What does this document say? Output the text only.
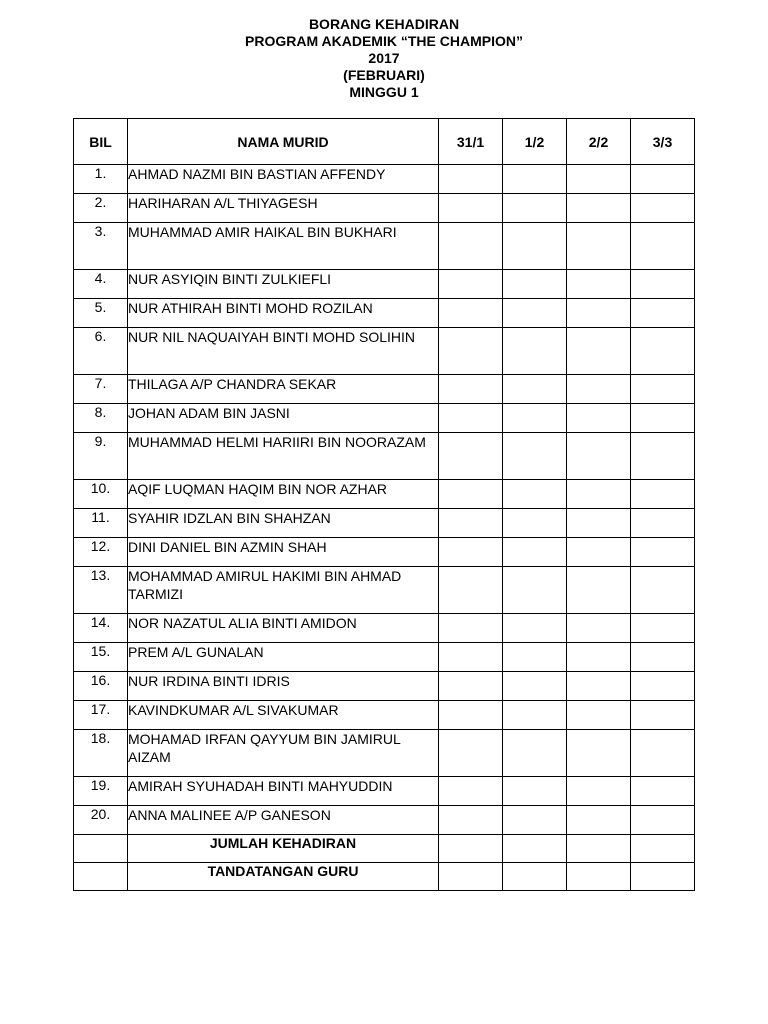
BORANG KEHADIRAN
PROGRAM AKADEMIK “THE CHAMPION”
2017
(FEBRUARI)
MINGGU 1
BIL	NAMA MURID	31/1	1/2	2/2	3/3
1.	AHMAD NAZMI BIN BASTIAN AFFENDY				
2.	HARIHARAN A/L THIYAGESH				
3.	MUHAMMAD AMIR HAIKAL BIN BUKHARI				
4.	NUR ASYIQIN BINTI ZULKIEFLI				
5.	NUR ATHIRAH BINTI MOHD ROZILAN				
6.	NUR NIL NAQUAIYAH BINTI MOHD SOLIHIN				
7.	THILAGA A/P CHANDRA SEKAR				
8.	JOHAN ADAM BIN JASNI				
9.	MUHAMMAD HELMI HARIIRI BIN NOORAZAM				
10.	AQIF LUQMAN HAQIM BIN NOR AZHAR				
11.	SYAHIR IDZLAN BIN SHAHZAN				
12.	DINI DANIEL BIN AZMIN SHAH				
13.	MOHAMMAD AMIRUL HAKIMI BIN AHMAD TARMIZI				
14.	NOR NAZATUL ALIA BINTI AMIDON				
15.	PREM A/L GUNALAN				
16.	NUR IRDINA BINTI IDRIS				
17.	KAVINDKUMAR A/L SIVAKUMAR				
18.	MOHAMAD IRFAN QAYYUM BIN JAMIRUL AIZAM				
19.	AMIRAH SYUHADAH BINTI MAHYUDDIN				
20.	ANNA MALINEE A/P GANESON				
	JUMLAH KEHADIRAN				
	TANDATANGAN GURU				
